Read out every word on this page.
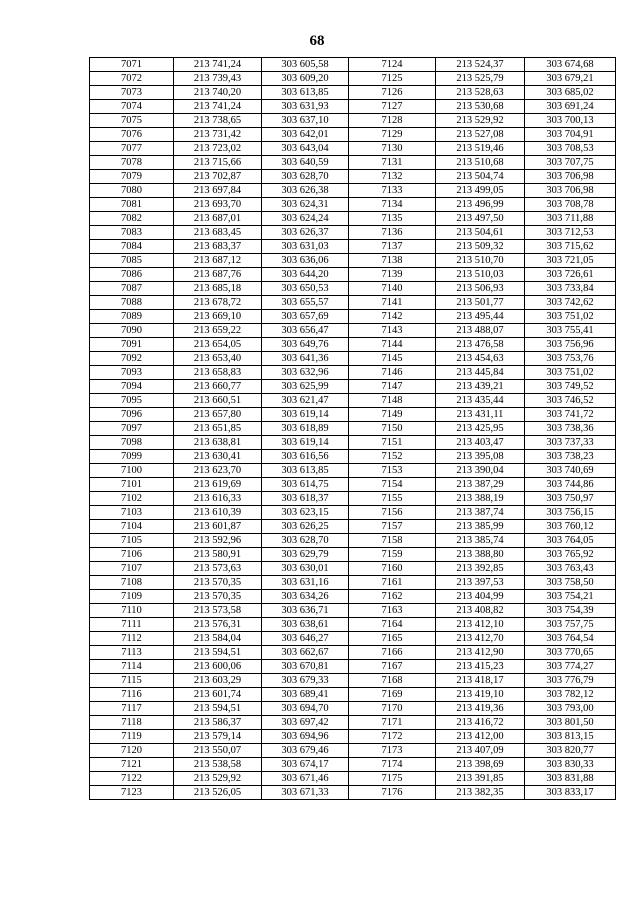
68
7071	213 741,24	303 605,58	7124	213 524,37	303 674,68
7072	213 739,43	303 609,20	7125	213 525,79	303 679,21
7073	213 740,20	303 613,85	7126	213 528,63	303 685,02
7074	213 741,24	303 631,93	7127	213 530,68	303 691,24
7075	213 738,65	303 637,10	7128	213 529,92	303 700,13
7076	213 731,42	303 642,01	7129	213 527,08	303 704,91
7077	213 723,02	303 643,04	7130	213 519,46	303 708,53
7078	213 715,66	303 640,59	7131	213 510,68	303 707,75
7079	213 702,87	303 628,70	7132	213 504,74	303 706,98
7080	213 697,84	303 626,38	7133	213 499,05	303 706,98
7081	213 693,70	303 624,31	7134	213 496,99	303 708,78
7082	213 687,01	303 624,24	7135	213 497,50	303 711,88
7083	213 683,45	303 626,37	7136	213 504,61	303 712,53
7084	213 683,37	303 631,03	7137	213 509,32	303 715,62
7085	213 687,12	303 636,06	7138	213 510,70	303 721,05
7086	213 687,76	303 644,20	7139	213 510,03	303 726,61
7087	213 685,18	303 650,53	7140	213 506,93	303 733,84
7088	213 678,72	303 655,57	7141	213 501,77	303 742,62
7089	213 669,10	303 657,69	7142	213 495,44	303 751,02
7090	213 659,22	303 656,47	7143	213 488,07	303 755,41
7091	213 654,05	303 649,76	7144	213 476,58	303 756,96
7092	213 653,40	303 641,36	7145	213 454,63	303 753,76
7093	213 658,83	303 632,96	7146	213 445,84	303 751,02
7094	213 660,77	303 625,99	7147	213 439,21	303 749,52
7095	213 660,51	303 621,47	7148	213 435,44	303 746,52
7096	213 657,80	303 619,14	7149	213 431,11	303 741,72
7097	213 651,85	303 618,89	7150	213 425,95	303 738,36
7098	213 638,81	303 619,14	7151	213 403,47	303 737,33
7099	213 630,41	303 616,56	7152	213 395,08	303 738,23
7100	213 623,70	303 613,85	7153	213 390,04	303 740,69
7101	213 619,69	303 614,75	7154	213 387,29	303 744,86
7102	213 616,33	303 618,37	7155	213 388,19	303 750,97
7103	213 610,39	303 623,15	7156	213 387,74	303 756,15
7104	213 601,87	303 626,25	7157	213 385,99	303 760,12
7105	213 592,96	303 628,70	7158	213 385,74	303 764,05
7106	213 580,91	303 629,79	7159	213 388,80	303 765,92
7107	213 573,63	303 630,01	7160	213 392,85	303 763,43
7108	213 570,35	303 631,16	7161	213 397,53	303 758,50
7109	213 570,35	303 634,26	7162	213 404,99	303 754,21
7110	213 573,58	303 636,71	7163	213 408,82	303 754,39
7111	213 576,31	303 638,61	7164	213 412,10	303 757,75
7112	213 584,04	303 646,27	7165	213 412,70	303 764,54
7113	213 594,51	303 662,67	7166	213 412,90	303 770,65
7114	213 600,06	303 670,81	7167	213 415,23	303 774,27
7115	213 603,29	303 679,33	7168	213 418,17	303 776,79
7116	213 601,74	303 689,41	7169	213 419,10	303 782,12
7117	213 594,51	303 694,70	7170	213 419,36	303 793,00
7118	213 586,37	303 697,42	7171	213 416,72	303 801,50
7119	213 579,14	303 694,96	7172	213 412,00	303 813,15
7120	213 550,07	303 679,46	7173	213 407,09	303 820,77
7121	213 538,58	303 674,17	7174	213 398,69	303 830,33
7122	213 529,92	303 671,46	7175	213 391,85	303 831,88
7123	213 526,05	303 671,33	7176	213 382,35	303 833,17
